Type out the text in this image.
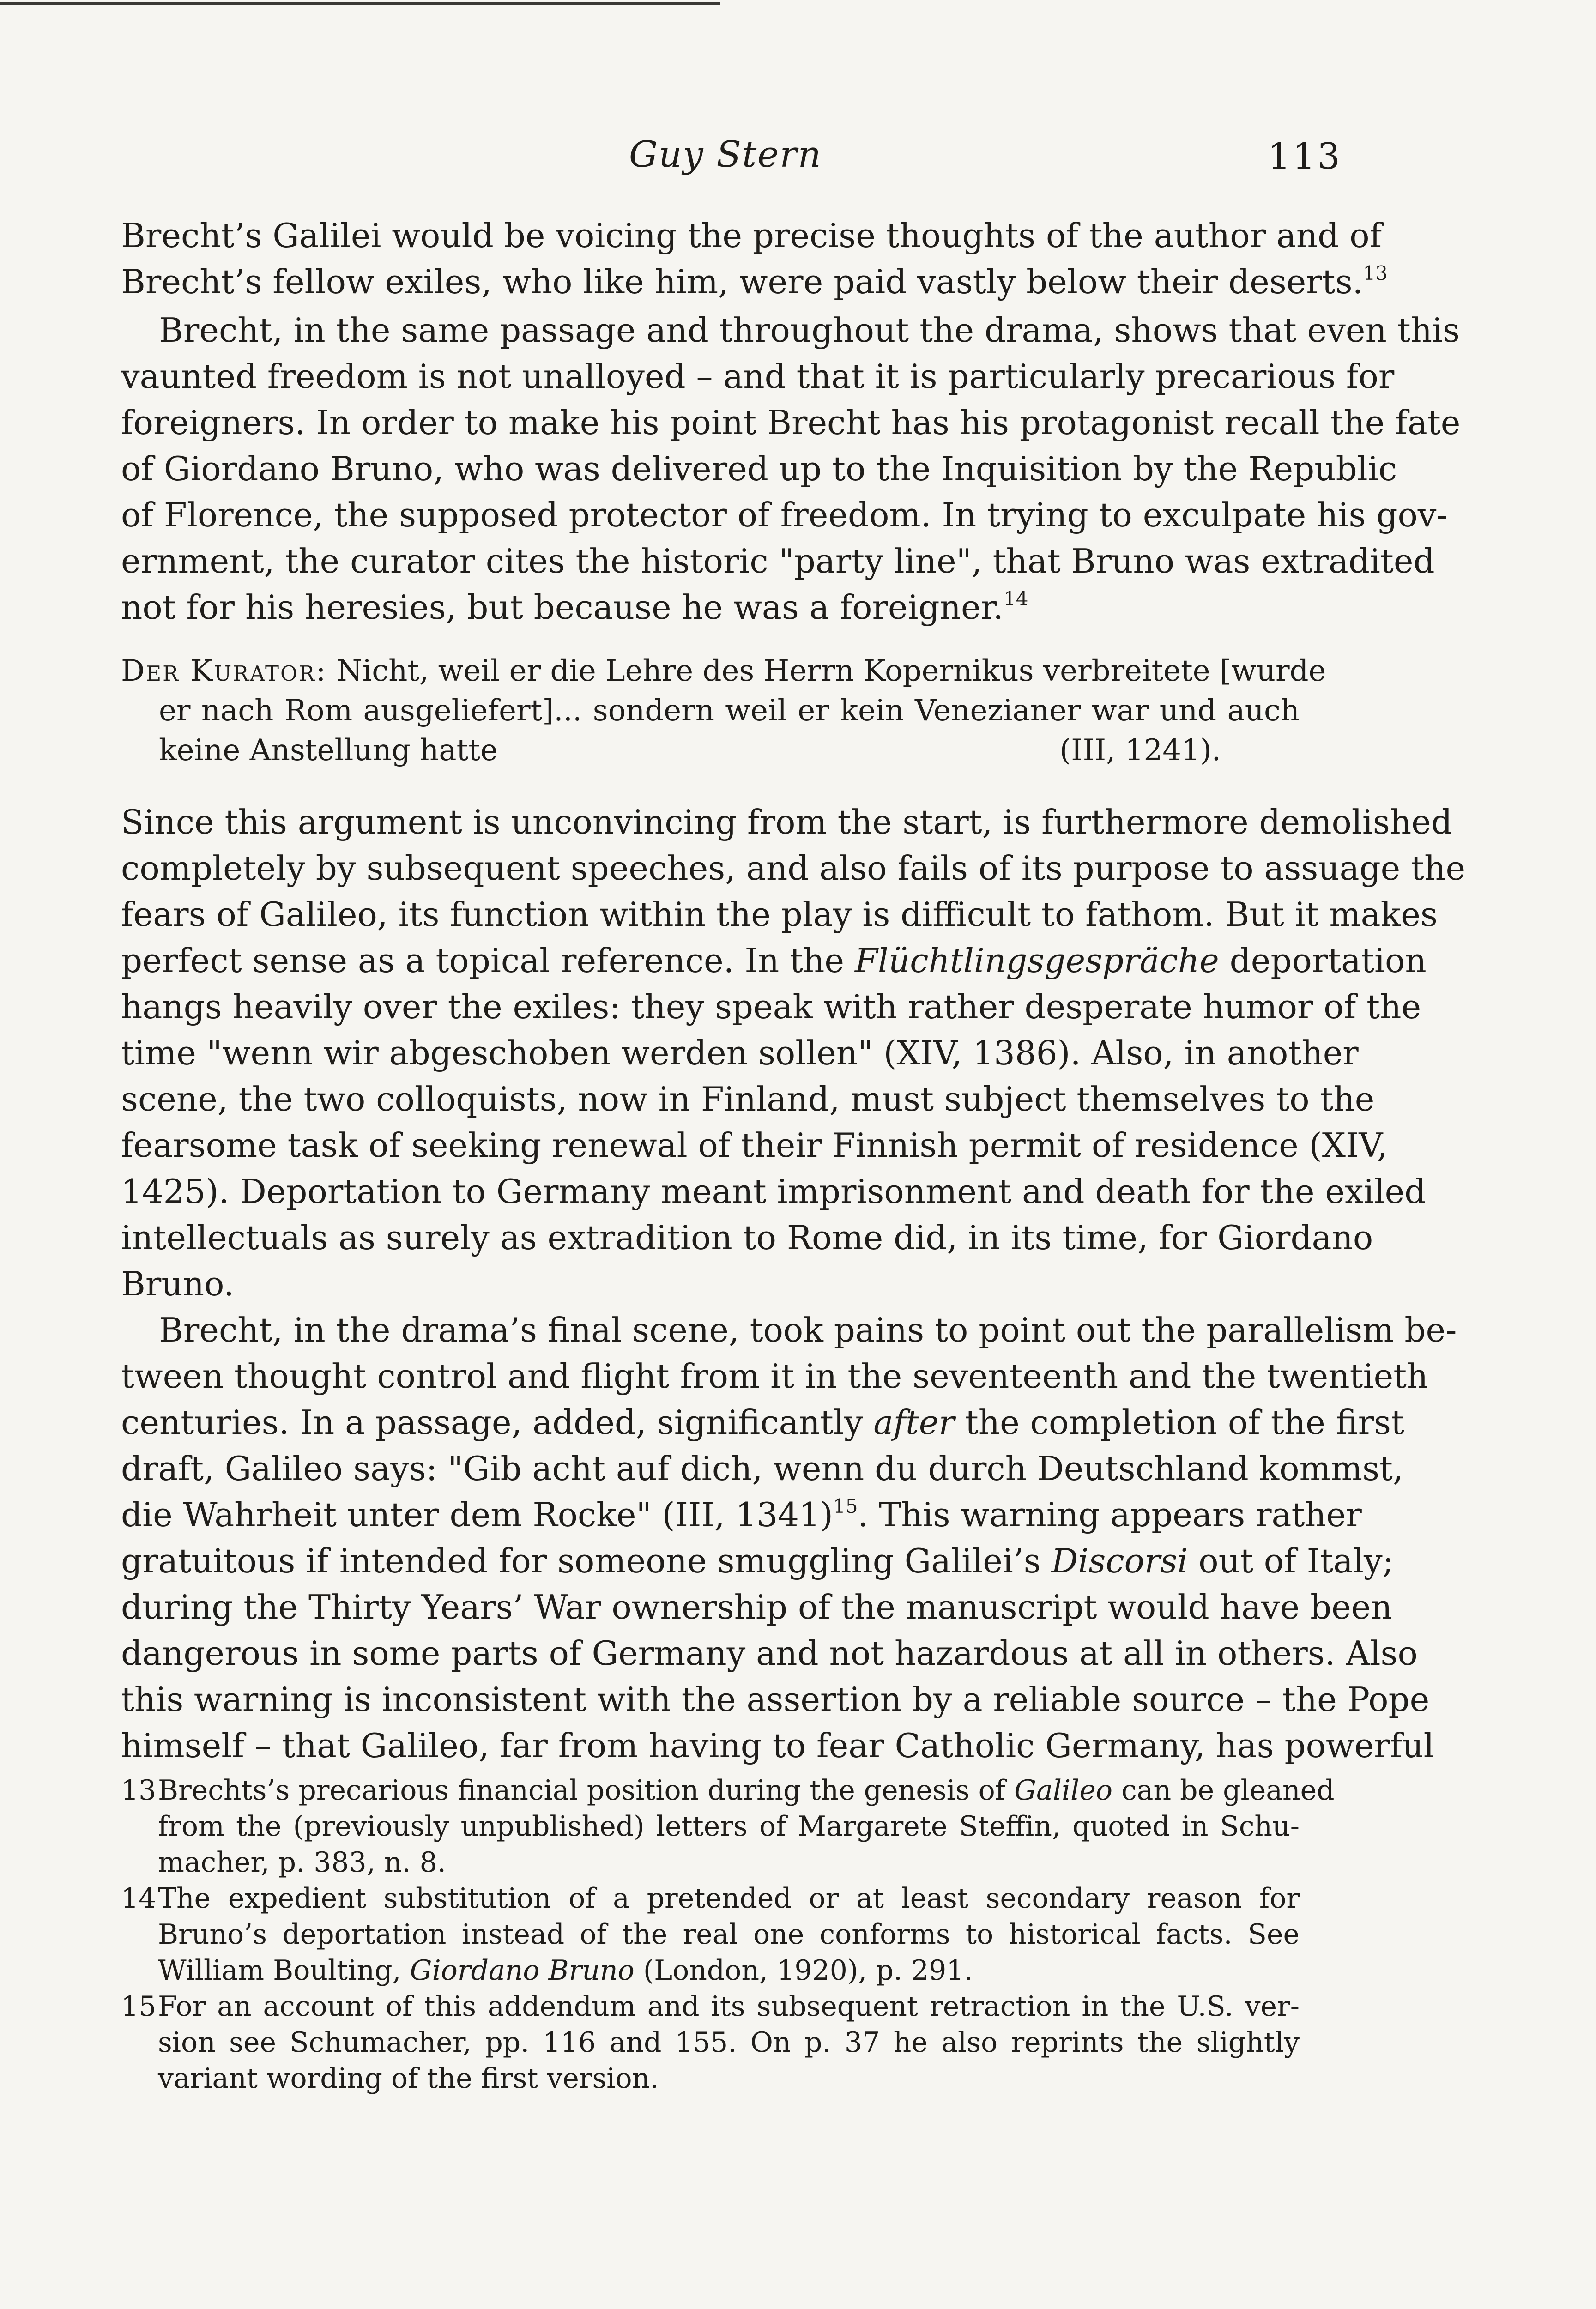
Guy Stern	113
Brecht’s Galilei would be voicing the precise thoughts of the author and of
Brecht’s fellow exiles, who like him, were paid vastly below their deserts.$^{13}$
Brecht, in the same passage and throughout the drama, shows that even this
vaunted freedom is not unalloyed – and that it is particularly precarious for
foreigners. In order to make his point Brecht has his protagonist recall the fate
of Giordano Bruno, who was delivered up to the Inquisition by the Republic
of Florence, the supposed protector of freedom. In trying to exculpate his gov-
ernment, the curator cites the historic "party line", that Bruno was extradited
not for his heresies, but because he was a foreigner.$^{14}$
Der Kurator: Nicht, weil er die Lehre des Herrn Kopernikus verbreitete [wurde
er nach Rom ausgeliefert]... sondern weil er kein Venezianer war und auch
keine Anstellung hatte	(III, 1241).
Since this argument is unconvincing from the start, is furthermore demolished
completely by subsequent speeches, and also fails of its purpose to assuage the
fears of Galileo, its function within the play is difficult to fathom. But it makes
perfect sense as a topical reference. In the Flüchtlingsgespräche deportation
hangs heavily over the exiles: they speak with rather desperate humor of the
time "wenn wir abgeschoben werden sollen" (XIV, 1386). Also, in another
scene, the two colloquists, now in Finland, must subject themselves to the
fearsome task of seeking renewal of their Finnish permit of residence (XIV,
1425). Deportation to Germany meant imprisonment and death for the exiled
intellectuals as surely as extradition to Rome did, in its time, for Giordano
Bruno.
Brecht, in the drama’s final scene, took pains to point out the parallelism be-
tween thought control and flight from it in the seventeenth and the twentieth
centuries. In a passage, added, significantly after the completion of the first
draft, Galileo says: "Gib acht auf dich, wenn du durch Deutschland kommst,
die Wahrheit unter dem Rocke" (III, 1341)$^{15}$. This warning appears rather
gratuitous if intended for someone smuggling Galilei’s Discorsi out of Italy;
during the Thirty Years’ War ownership of the manuscript would have been
dangerous in some parts of Germany and not hazardous at all in others. Also
this warning is inconsistent with the assertion by a reliable source – the Pope
himself – that Galileo, far from having to fear Catholic Germany, has powerful
13 Brechts’s precarious financial position during the genesis of Galileo can be gleaned
from the (previously unpublished) letters of Margarete Steffin, quoted in Schu-
macher, p. 383, n. 8.
14 The expedient substitution of a pretended or at least secondary reason for
Bruno’s deportation instead of the real one conforms to historical facts. See
William Boulting, Giordano Bruno (London, 1920), p. 291.
15 For an account of this addendum and its subsequent retraction in the U.S. ver-
sion see Schumacher, pp. 116 and 155. On p. 37 he also reprints the slightly
variant wording of the first version.
